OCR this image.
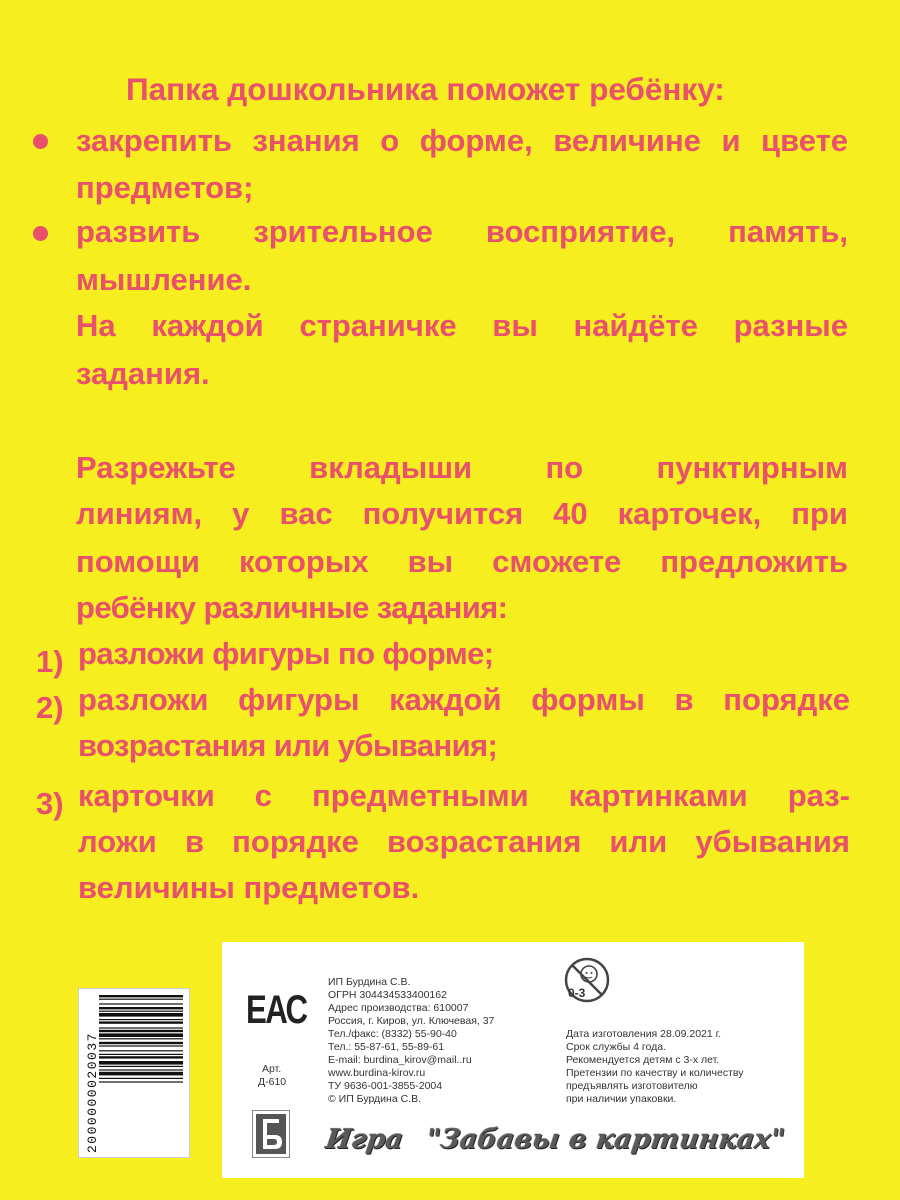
Папка дошкольника поможет ребёнку:
закрепить знания о форме, величине и цвете
предметов;
развить зрительное восприятие, память,
мышление.
На каждой страничке вы найдёте разные
задания.
Разрежьте вкладыши по пунктирным
линиям, у вас получится 40 карточек, при
помощи которых вы сможете предложить
ребёнку различные задания:
1) разложи фигуры по форме;
2) разложи фигуры каждой формы в порядке
возрастания или убывания;
3) карточки с предметными картинками раз-
ложи в порядке возрастания или убывания
величины предметов.
2000000020037
ЕАС
Арт.
Д-610
ИП Бурдина С.В.
ОГРН 304434533400162
Адрес производства: 610007
Россия, г. Киров, ул. Ключевая, 37
Тел./факс: (8332) 55-90-40
Тел.: 55-87-61, 55-89-61
E-mail: burdina_kirov@mail..ru
www.burdina-kirov.ru
ТУ 9636-001-3855-2004
© ИП Бурдина С.В.
0-3
Дата изготовления 28.09.2021 г.
Срок службы 4 года.
Рекомендуется детям с 3-х лет.
Претензии по качеству и количеству
предъявлять изготовителю
при наличии упаковки.
Игра "Забавы в картинках"
